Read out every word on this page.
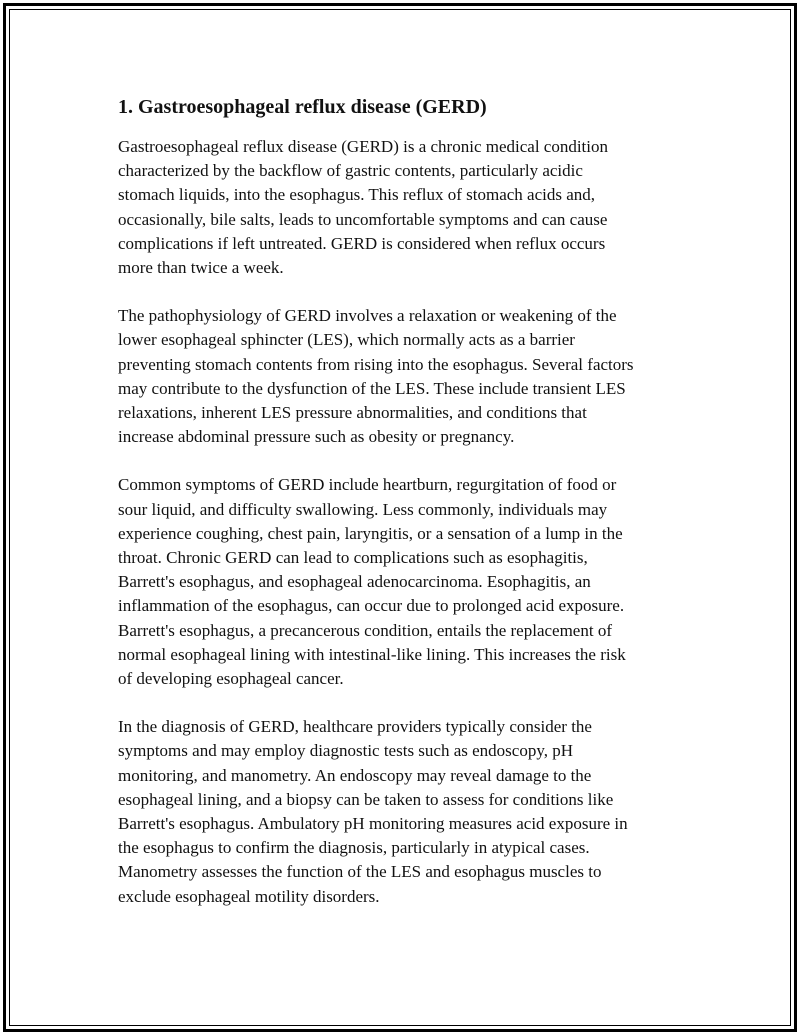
1. Gastroesophageal reflux disease (GERD)

Gastroesophageal reflux disease (GERD) is a chronic medical condition
characterized by the backflow of gastric contents, particularly acidic
stomach liquids, into the esophagus. This reflux of stomach acids and,
occasionally, bile salts, leads to uncomfortable symptoms and can cause
complications if left untreated. GERD is considered when reflux occurs
more than twice a week.

The pathophysiology of GERD involves a relaxation or weakening of the
lower esophageal sphincter (LES), which normally acts as a barrier
preventing stomach contents from rising into the esophagus. Several factors
may contribute to the dysfunction of the LES. These include transient LES
relaxations, inherent LES pressure abnormalities, and conditions that
increase abdominal pressure such as obesity or pregnancy.

Common symptoms of GERD include heartburn, regurgitation of food or
sour liquid, and difficulty swallowing. Less commonly, individuals may
experience coughing, chest pain, laryngitis, or a sensation of a lump in the
throat. Chronic GERD can lead to complications such as esophagitis,
Barrett's esophagus, and esophageal adenocarcinoma. Esophagitis, an
inflammation of the esophagus, can occur due to prolonged acid exposure.
Barrett's esophagus, a precancerous condition, entails the replacement of
normal esophageal lining with intestinal-like lining. This increases the risk
of developing esophageal cancer.

In the diagnosis of GERD, healthcare providers typically consider the
symptoms and may employ diagnostic tests such as endoscopy, pH
monitoring, and manometry. An endoscopy may reveal damage to the
esophageal lining, and a biopsy can be taken to assess for conditions like
Barrett's esophagus. Ambulatory pH monitoring measures acid exposure in
the esophagus to confirm the diagnosis, particularly in atypical cases.
Manometry assesses the function of the LES and esophagus muscles to
exclude esophageal motility disorders.
